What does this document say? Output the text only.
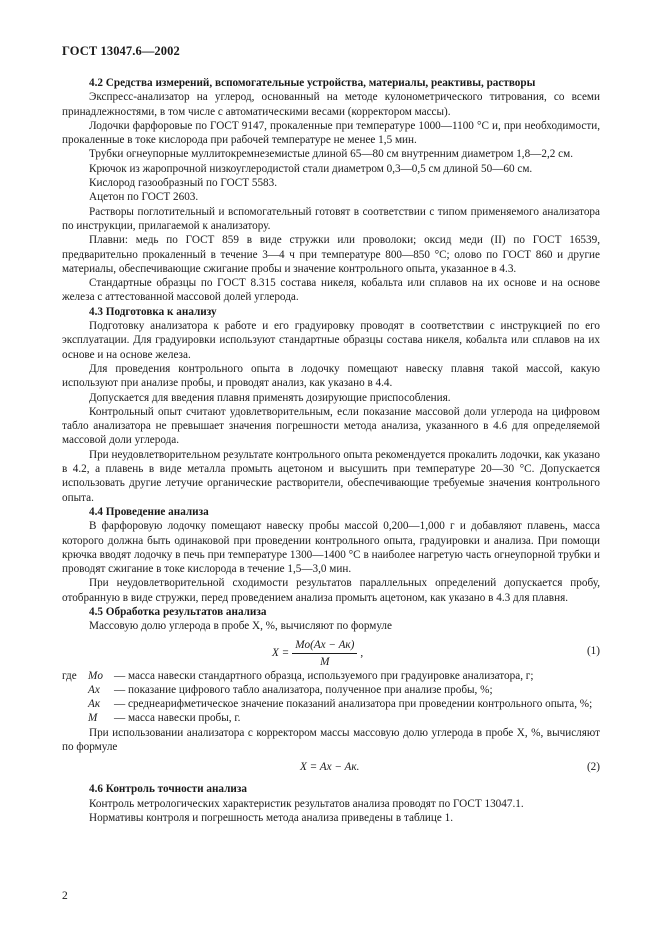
ГОСТ 13047.6—2002
4.2 Средства измерений, вспомогательные устройства, материалы, реактивы, растворы

Экспресс-анализатор на углерод, основанный на методе кулонометрического титрования, со всеми принадлежностями, в том числе с автоматическими весами (корректором массы).

Лодочки фарфоровые по ГОСТ 9147, прокаленные при температуре 1000—1100 °С и, при необходимости, прокаленные в токе кислорода при рабочей температуре не менее 1,5 мин.

Трубки огнеупорные муллитокремнеземистые длиной 65—80 см внутренним диаметром 1,8—2,2 см.

Крючок из жаропрочной низкоуглеродистой стали диаметром 0,3—0,5 см длиной 50—60 см.

Кислород газообразный по ГОСТ 5583.

Ацетон по ГОСТ 2603.

Растворы поглотительный и вспомогательный готовят в соответствии с типом применяемого анализатора по инструкции, прилагаемой к анализатору.

Плавни: медь по ГОСТ 859 в виде стружки или проволоки; оксид меди (II) по ГОСТ 16539, предварительно прокаленный в течение 3—4 ч при температуре 800—850 °С; олово по ГОСТ 860 и другие материалы, обеспечивающие сжигание пробы и значение контрольного опыта, указанное в 4.3.

Стандартные образцы по ГОСТ 8.315 состава никеля, кобальта или сплавов на их основе и на основе железа с аттестованной массовой долей углерода.

4.3 Подготовка к анализу

Подготовку анализатора к работе и его градуировку проводят в соответствии с инструкцией по его эксплуатации. Для градуировки используют стандартные образцы состава никеля, кобальта или сплавов на их основе и на основе железа.

Для проведения контрольного опыта в лодочку помещают навеску плавня такой массой, какую используют при анализе пробы, и проводят анализ, как указано в 4.4.

Допускается для введения плавня применять дозирующие приспособления.

Контрольный опыт считают удовлетворительным, если показание массовой доли углерода на цифровом табло анализатора не превышает значения погрешности метода анализа, указанного в 4.6 для определяемой массовой доли углерода.

При неудовлетворительном результате контрольного опыта рекомендуется прокалить лодочки, как указано в 4.2, а плавень в виде металла промыть ацетоном и высушить при температуре 20—30 °С. Допускается использовать другие летучие органические растворители, обеспечивающие требуемые значения контрольного опыта.

4.4 Проведение анализа

В фарфоровую лодочку помещают навеску пробы массой 0,200—1,000 г и добавляют плавень, масса которого должна быть одинаковой при проведении контрольного опыта, градуировки и анализа. При помощи крючка вводят лодочку в печь при температуре 1300—1400 °С в наиболее нагретую часть огнеупорной трубки и проводят сжигание в токе кислорода в течение 1,5—3,0 мин.

При неудовлетворительной сходимости результатов параллельных определений допускается пробу, отобранную в виде стружки, перед проведением анализа промыть ацетоном, как указано в 4.3 для плавня.

4.5 Обработка результатов анализа

Массовую долю углерода в пробе X, %, вычисляют по формуле

$X = \frac{Mо(Ax - Aк)}{M}$ ,	(1)
где	Mо — масса навески стандартного образца, используемого при градуировке анализатора, г;
Ax	— показание цифрового табло анализатора, полученное при анализе пробы, %;
Aк	— среднеарифметическое значение показаний анализатора при проведении контрольного опыта, %;
M	— масса навески пробы, г.

При использовании анализатора с корректором массы массовую долю углерода в пробе X, %, вычисляют по формуле

X = Ax − Aк.	(2)
4.6 Контроль точности анализа

Контроль метрологических характеристик результатов анализа проводят по ГОСТ 13047.1.

Нормативы контроля и погрешность метода анализа приведены в таблице 1.

2
